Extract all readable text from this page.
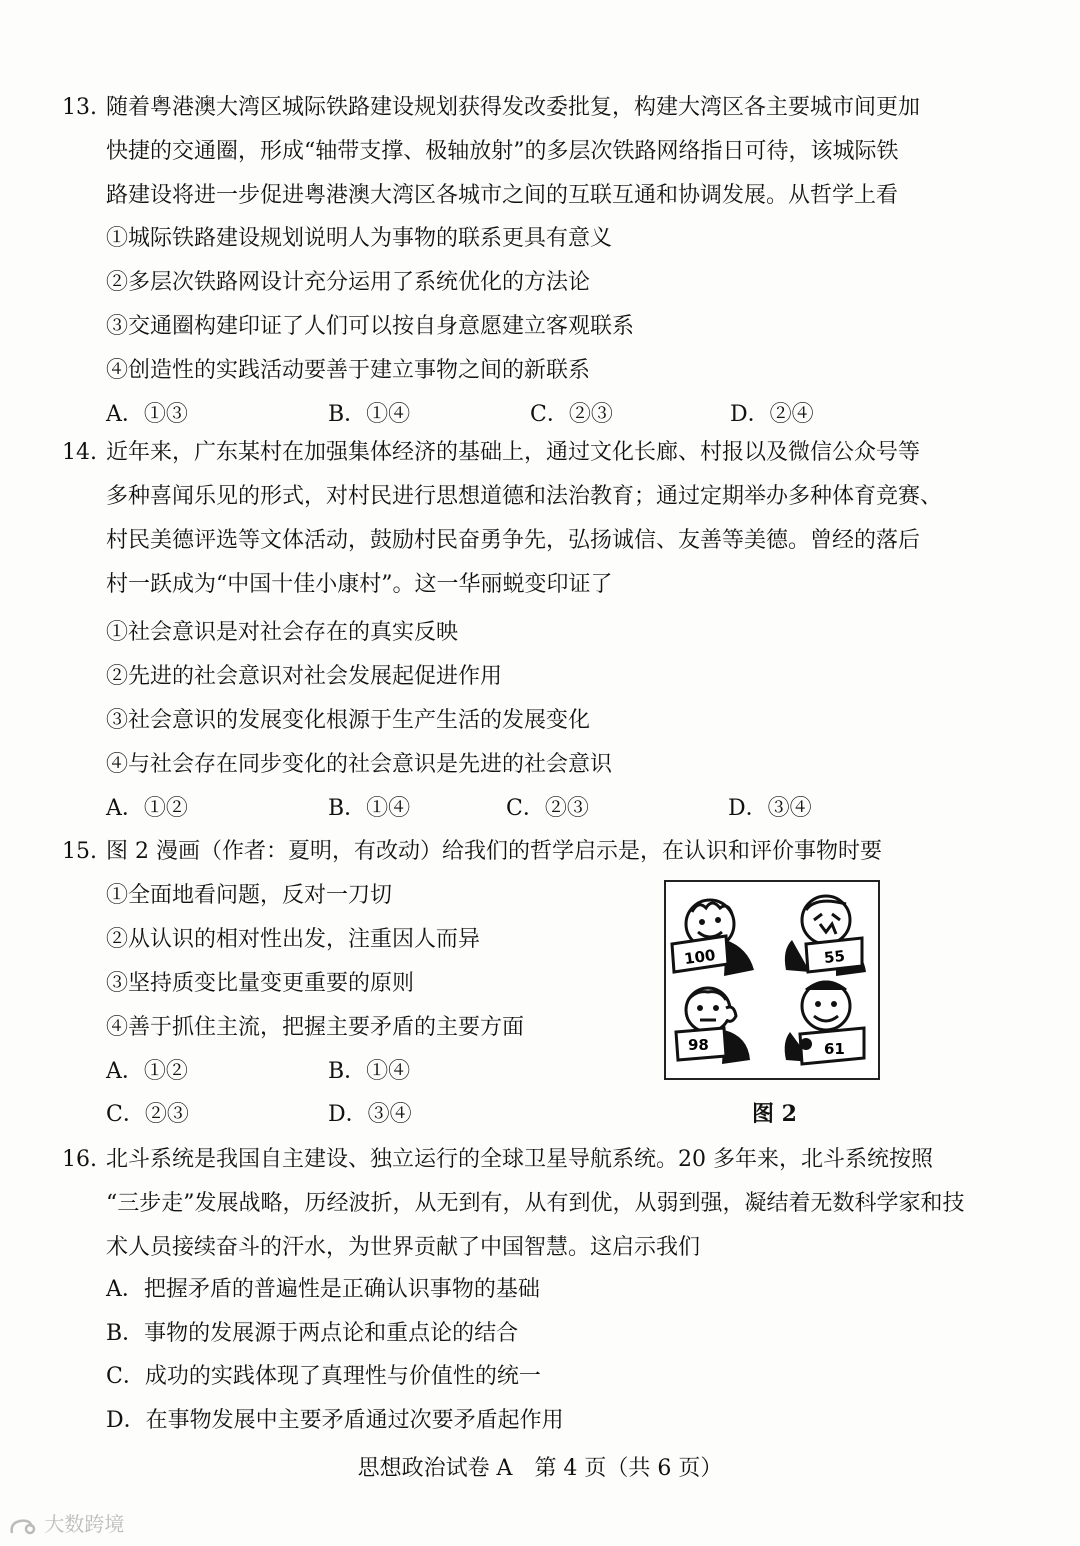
13. 随着粤港澳大湾区城际铁路建设规划获得发改委批复，构建大湾区各主要城市间更加
快捷的交通圈，形成“轴带支撑、极轴放射”的多层次铁路网络指日可待，该城际铁
路建设将进一步促进粤港澳大湾区各城市之间的互联互通和协调发展。从哲学上看
①城际铁路建设规划说明人为事物的联系更具有意义
②多层次铁路网设计充分运用了系统优化的方法论
③交通圈构建印证了人们可以按自身意愿建立客观联系
④创造性的实践活动要善于建立事物之间的新联系
A．①③	B．①④	C．②③	D．②④
14. 近年来，广东某村在加强集体经济的基础上，通过文化长廊、村报以及微信公众号等
多种喜闻乐见的形式，对村民进行思想道德和法治教育；通过定期举办多种体育竞赛、
村民美德评选等文体活动，鼓励村民奋勇争先，弘扬诚信、友善等美德。曾经的落后
村一跃成为“中国十佳小康村”。这一华丽蜕变印证了
①社会意识是对社会存在的真实反映
②先进的社会意识对社会发展起促进作用
③社会意识的发展变化根源于生产生活的发展变化
④与社会存在同步变化的社会意识是先进的社会意识
A．①②	B．①④	C．②③	D．③④
15. 图 2 漫画（作者：夏明，有改动）给我们的哲学启示是，在认识和评价事物时要
①全面地看问题，反对一刀切
②从认识的相对性出发，注重因人而异
③坚持质变比量变更重要的原则
④善于抓住主流，把握主要矛盾的主要方面
A．①②	B．①④
C．②③	D．③④
100	55
98	61
图 2
16. 北斗系统是我国自主建设、独立运行的全球卫星导航系统。20 多年来，北斗系统按照
“三步走”发展战略，历经波折，从无到有，从有到优，从弱到强，凝结着无数科学家和技
术人员接续奋斗的汗水，为世界贡献了中国智慧。这启示我们
A．把握矛盾的普遍性是正确认识事物的基础
B．事物的发展源于两点论和重点论的结合
C．成功的实践体现了真理性与价值性的统一
D．在事物发展中主要矛盾通过次要矛盾起作用
思想政治试卷 A　第 4 页（共 6 页）
大数跨境
